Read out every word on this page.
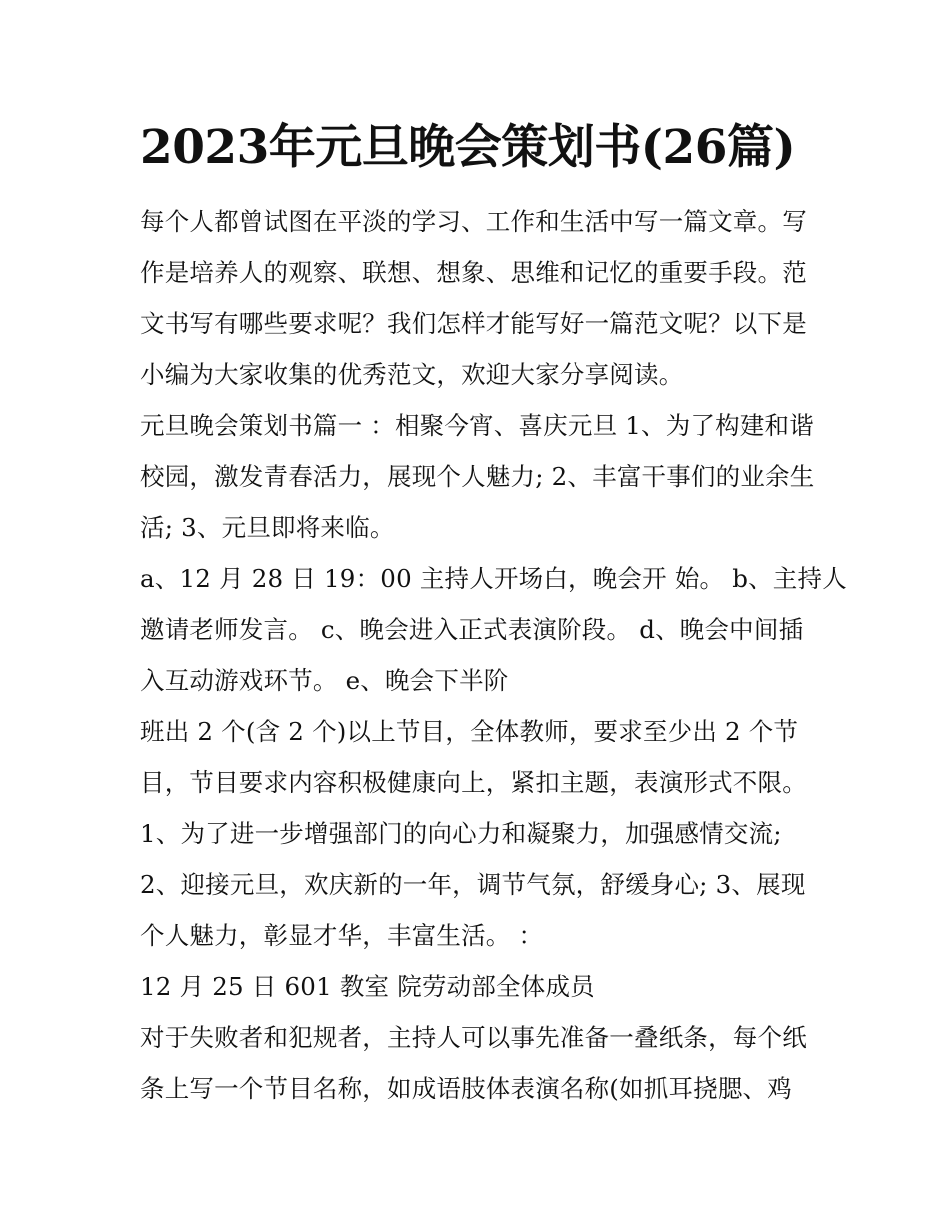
2023年元旦晚会策划书(26篇)
每个人都曾试图在平淡的学习、工作和生活中写一篇文章。写
作是培养人的观察、联想、想象、思维和记忆的重要手段。范
文书写有哪些要求呢？我们怎样才能写好一篇范文呢？以下是
小编为大家收集的优秀范文，欢迎大家分享阅读。
元旦晚会策划书篇一 ：相聚今宵、喜庆元旦 1、为了构建和谐
校园，激发青春活力，展现个人魅力; 2、丰富干事们的业余生
活; 3、元旦即将来临。
a、12 月 28 日 19：00 主持人开场白，晚会开 始。 b、主持人
邀请老师发言。 c、晚会进入正式表演阶段。 d、晚会中间插
入互动游戏环节。 e、晚会下半阶
班出 2 个(含 2 个)以上节目，全体教师，要求至少出 2 个节
目，节目要求内容积极健康向上，紧扣主题，表演形式不限。
1、为了进一步增强部门的向心力和凝聚力，加强感情交流;
2、迎接元旦，欢庆新的一年，调节气氛，舒缓身心; 3、展现
个人魅力，彰显才华，丰富生活。 ：
12 月 25 日 601 教室 院劳动部全体成员
对于失败者和犯规者，主持人可以事先准备一叠纸条，每个纸
条上写一个节目名称，如成语肢体表演名称(如抓耳挠腮、鸡
